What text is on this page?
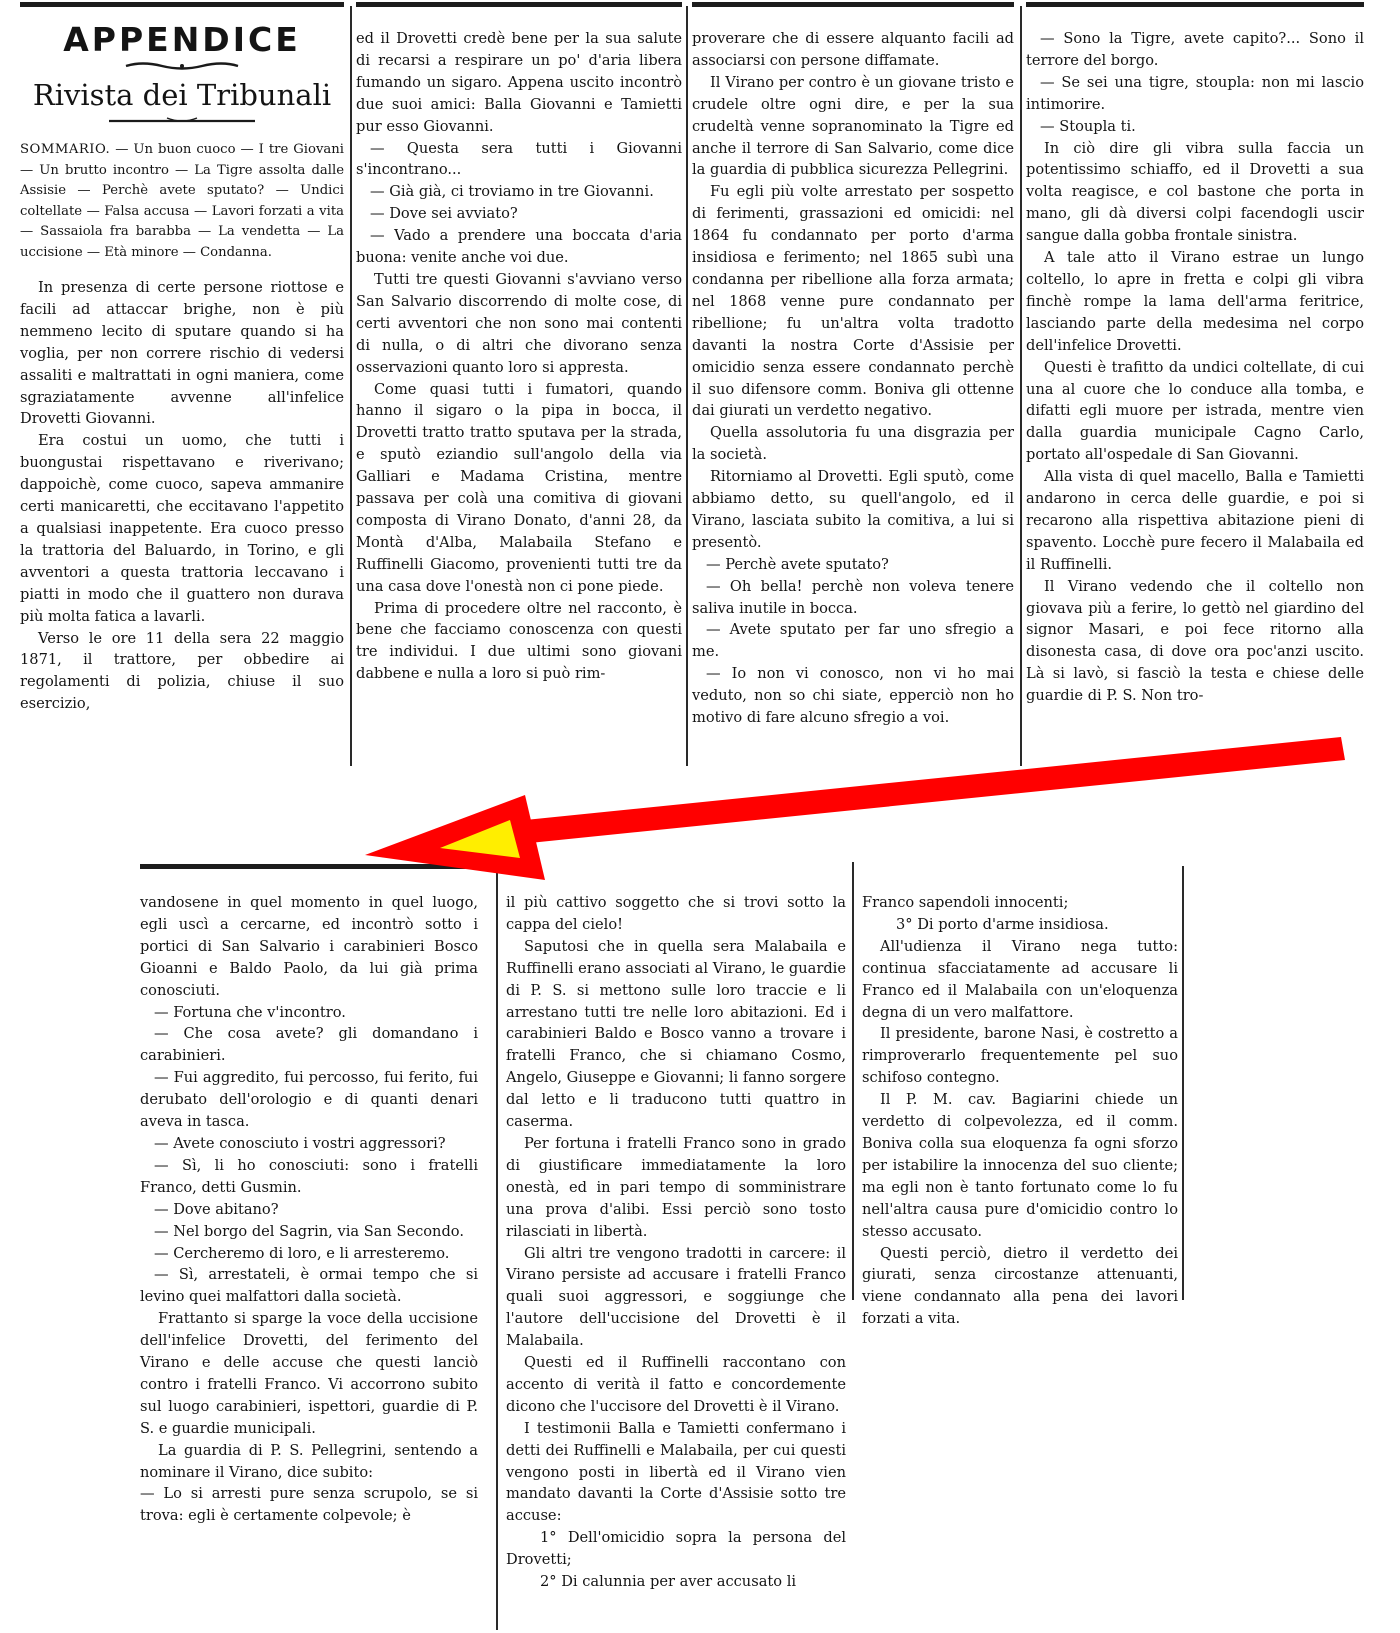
APPENDICE
Rivista dei Tribunali

SOMMARIO. — Un buon cuoco — I tre Giovani — Un brutto incontro — La Tigre assolta dalle Assisie — Perchè avete sputato? — Undici coltellate — Falsa accusa — Lavori forzati a vita — Sassaiola fra barabba — La vendetta — La uccisione — Età minore — Condanna.

In presenza di certe persone riottose e facili ad attaccar brighe, non è più nemmeno lecito di sputare quando si ha voglia, per non correre rischio di vedersi assaliti e maltrattati in ogni maniera, come sgraziatamente avvenne all'infelice Drovetti Giovanni.

Era costui un uomo, che tutti i buongustai rispettavano e riverivano; dappoichè, come cuoco, sapeva ammanire certi manicaretti, che eccitavano l'appetito a qualsiasi inappetente. Era cuoco presso la trattoria del Baluardo, in Torino, e gli avventori a questa trattoria leccavano i piatti in modo che il guattero non durava più molta fatica a lavarli.

Verso le ore 11 della sera 22 maggio 1871, il trattore, per obbedire ai regolamenti di polizia, chiuse il suo esercizio,

ed il Drovetti credè bene per la sua salute di recarsi a respirare un po' d'aria libera fumando un sigaro. Appena uscito incontrò due suoi amici: Balla Giovanni e Tamietti pur esso Giovanni.

— Questa sera tutti i Giovanni s'incontrano...

— Già già, ci troviamo in tre Giovanni.

— Dove sei avviato?

— Vado a prendere una boccata d'aria buona: venite anche voi due.

Tutti tre questi Giovanni s'avviano verso San Salvario discorrendo di molte cose, di certi avventori che non sono mai contenti di nulla, o di altri che divorano senza osservazioni quanto loro si appresta.

Come quasi tutti i fumatori, quando hanno il sigaro o la pipa in bocca, il Drovetti tratto tratto sputava per la strada, e sputò eziandio sull'angolo della via Galliari e Madama Cristina, mentre passava per colà una comitiva di giovani composta di Virano Donato, d'anni 28, da Montà d'Alba, Malabaila Stefano e Ruffinelli Giacomo, provenienti tutti tre da una casa dove l'onestà non ci pone piede.

Prima di procedere oltre nel racconto, è bene che facciamo conoscenza con questi tre individui. I due ultimi sono giovani dabbene e nulla a loro si può rim-

proverare che di essere alquanto facili ad associarsi con persone diffamate.

Il Virano per contro è un giovane tristo e crudele oltre ogni dire, e per la sua crudeltà venne sopranominato la Tigre ed anche il terrore di San Salvario, come dice la guardia di pubblica sicurezza Pellegrini.

Fu egli più volte arrestato per sospetto di ferimenti, grassazioni ed omicidi: nel 1864 fu condannato per porto d'arma insidiosa e ferimento; nel 1865 subì una condanna per ribellione alla forza armata; nel 1868 venne pure condannato per ribellione; fu un'altra volta tradotto davanti la nostra Corte d'Assisie per omicidio senza essere condannato perchè il suo difensore comm. Boniva gli ottenne dai giurati un verdetto negativo.

Quella assolutoria fu una disgrazia per la società.

Ritorniamo al Drovetti. Egli sputò, come abbiamo detto, su quell'angolo, ed il Virano, lasciata subito la comitiva, a lui si presentò.

— Perchè avete sputato?

— Oh bella! perchè non voleva tenere saliva inutile in bocca.

— Avete sputato per far uno sfregio a me.

— Io non vi conosco, non vi ho mai veduto, non so chi siate, epperciò non ho motivo di fare alcuno sfregio a voi.

— Sono la Tigre, avete capito?... Sono il terrore del borgo.

— Se sei una tigre, stoupla: non mi lascio intimorire.

— Stoupla ti.

In ciò dire gli vibra sulla faccia un potentissimo schiaffo, ed il Drovetti a sua volta reagisce, e col bastone che porta in mano, gli dà diversi colpi facendogli uscir sangue dalla gobba frontale sinistra.

A tale atto il Virano estrae un lungo coltello, lo apre in fretta e colpi gli vibra finchè rompe la lama dell'arma feritrice, lasciando parte della medesima nel corpo dell'infelice Drovetti.

Questi è trafitto da undici coltellate, di cui una al cuore che lo conduce alla tomba, e difatti egli muore per istrada, mentre vien dalla guardia municipale Cagno Carlo, portato all'ospedale di San Giovanni.

Alla vista di quel macello, Balla e Tamietti andarono in cerca delle guardie, e poi si recarono alla rispettiva abitazione pieni di spavento. Locchè pure fecero il Malabaila ed il Ruffinelli.

Il Virano vedendo che il coltello non giovava più a ferire, lo gettò nel giardino del signor Masari, e poi fece ritorno alla disonesta casa, di dove ora poc'anzi uscito. Là si lavò, si fasciò la testa e chiese delle guardie di P. S. Non tro-

vandosene in quel momento in quel luogo, egli uscì a cercarne, ed incontrò sotto i portici di San Salvario i carabinieri Bosco Gioanni e Baldo Paolo, da lui già prima conosciuti.

— Fortuna che v'incontro.

— Che cosa avete? gli domandano i carabinieri.

— Fui aggredito, fui percosso, fui ferito, fui derubato dell'orologio e di quanti denari aveva in tasca.

— Avete conosciuto i vostri aggressori?

— Sì, li ho conosciuti: sono i fratelli Franco, detti Gusmin.

— Dove abitano?

— Nel borgo del Sagrin, via San Secondo.

— Cercheremo di loro, e li arresteremo.

— Sì, arrestateli, è ormai tempo che si levino quei malfattori dalla società.

Frattanto si sparge la voce della uccisione dell'infelice Drovetti, del ferimento del Virano e delle accuse che questi lanciò contro i fratelli Franco. Vi accorrono subito sul luogo carabinieri, ispettori, guardie di P. S. e guardie municipali.

La guardia di P. S. Pellegrini, sentendo a nominare il Virano, dice subito:

— Lo si arresti pure senza scrupolo, se si trova: egli è certamente colpevole; è

il più cattivo soggetto che si trovi sotto la cappa del cielo!

Saputosi che in quella sera Malabaila e Ruffinelli erano associati al Virano, le guardie di P. S. si mettono sulle loro traccie e li arrestano tutti tre nelle loro abitazioni. Ed i carabinieri Baldo e Bosco vanno a trovare i fratelli Franco, che si chiamano Cosmo, Angelo, Giuseppe e Giovanni; li fanno sorgere dal letto e li traducono tutti quattro in caserma.

Per fortuna i fratelli Franco sono in grado di giustificare immediatamente la loro onestà, ed in pari tempo di somministrare una prova d'alibi. Essi perciò sono tosto rilasciati in libertà.

Gli altri tre vengono tradotti in carcere: il Virano persiste ad accusare i fratelli Franco quali suoi aggressori, e soggiunge che l'autore dell'uccisione del Drovetti è il Malabaila.

Questi ed il Ruffinelli raccontano con accento di verità il fatto e concordemente dicono che l'uccisore del Drovetti è il Virano.

I testimonii Balla e Tamietti confermano i detti dei Ruffinelli e Malabaila, per cui questi vengono posti in libertà ed il Virano vien mandato davanti la Corte d'Assisie sotto tre accuse:

1° Dell'omicidio sopra la persona del Drovetti;

2° Di calunnia per aver accusato li

Franco sapendoli innocenti;

3° Di porto d'arme insidiosa.

All'udienza il Virano nega tutto: continua sfacciatamente ad accusare li Franco ed il Malabaila con un'eloquenza degna di un vero malfattore.

Il presidente, barone Nasi, è costretto a rimproverarlo frequentemente pel suo schifoso contegno.

Il P. M. cav. Bagiarini chiede un verdetto di colpevolezza, ed il comm. Boniva colla sua eloquenza fa ogni sforzo per istabilire la innocenza del suo cliente; ma egli non è tanto fortunato come lo fu nell'altra causa pure d'omicidio contro lo stesso accusato.

Questi perciò, dietro il verdetto dei giurati, senza circostanze attenuanti, viene condannato alla pena dei lavori forzati a vita.
